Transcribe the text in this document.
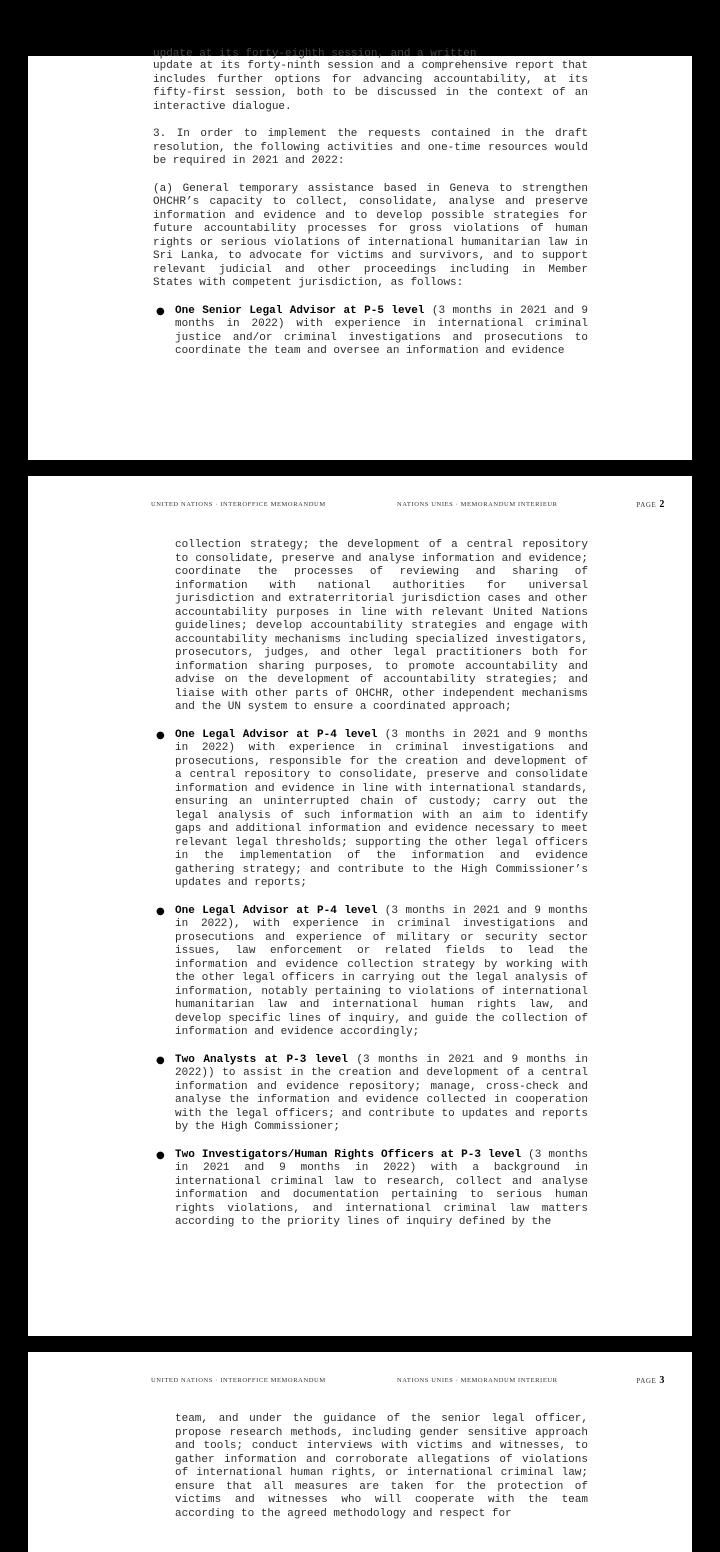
update at its forty-eighth session, and a written

update at its forty-ninth session and a comprehensive report that includes further options for advancing accountability, at its fifty-first session, both to be discussed in the context of an interactive dialogue.

3. In order to implement the requests contained in the draft resolution, the following activities and one-time resources would be required in 2021 and 2022:

(a) General temporary assistance based in Geneva to strengthen OHCHR’s capacity to collect, consolidate, analyse and preserve information and evidence and to develop possible strategies for future accountability processes for gross violations of human rights or serious violations of international humanitarian law in Sri Lanka, to advocate for victims and survivors, and to support relevant judicial and other proceedings including in Member States with competent jurisdiction, as follows:

● One Senior Legal Advisor at P-5 level (3 months in 2021 and 9 months in 2022) with experience in international criminal justice and/or criminal investigations and prosecutions to coordinate the team and oversee an information and evidence
UNITED NATIONS · INTEROFFICE MEMORANDUM	NATIONS UNIES · MEMORANDUM INTERIEUR	PAGE 2

collection strategy; the development of a central repository to consolidate, preserve and analyse information and evidence; coordinate the processes of reviewing and sharing of information with national authorities for universal jurisdiction and extraterritorial jurisdiction cases and other accountability purposes in line with relevant United Nations guidelines; develop accountability strategies and engage with accountability mechanisms including specialized investigators, prosecutors, judges, and other legal practitioners both for information sharing purposes, to promote accountability and advise on the development of accountability strategies; and liaise with other parts of OHCHR, other independent mechanisms and the UN system to ensure a coordinated approach;

● One Legal Advisor at P-4 level (3 months in 2021 and 9 months in 2022) with experience in criminal investigations and prosecutions, responsible for the creation and development of a central repository to consolidate, preserve and consolidate information and evidence in line with international standards, ensuring an uninterrupted chain of custody; carry out the legal analysis of such information with an aim to identify gaps and additional information and evidence necessary to meet relevant legal thresholds; supporting the other legal officers in the implementation of the information and evidence gathering strategy; and contribute to the High Commissioner’s updates and reports;
● One Legal Advisor at P-4 level (3 months in 2021 and 9 months in 2022), with experience in criminal investigations and prosecutions and experience of military or security sector issues, law enforcement or related fields to lead the information and evidence collection strategy by working with the other legal officers in carrying out the legal analysis of information, notably pertaining to violations of international humanitarian law and international human rights law, and develop specific lines of inquiry, and guide the collection of information and evidence accordingly;
● Two Analysts at P-3 level (3 months in 2021 and 9 months in 2022)) to assist in the creation and development of a central information and evidence repository; manage, cross-check and analyse the information and evidence collected in cooperation with the legal officers; and contribute to updates and reports by the High Commissioner;
● Two Investigators/Human Rights Officers at P-3 level (3 months in 2021 and 9 months in 2022) with a background in international criminal law to research, collect and analyse information and documentation pertaining to serious human rights violations, and international criminal law matters according to the priority lines of inquiry defined by the
UNITED NATIONS · INTEROFFICE MEMORANDUM	NATIONS UNIES · MEMORANDUM INTERIEUR	PAGE 3

team, and under the guidance of the senior legal officer, propose research methods, including gender sensitive approach and tools; conduct interviews with victims and witnesses, to gather information and corroborate allegations of violations of international human rights, or international criminal law; ensure that all measures are taken for the protection of victims and witnesses who will cooperate with the team according to the agreed methodology and respect for
